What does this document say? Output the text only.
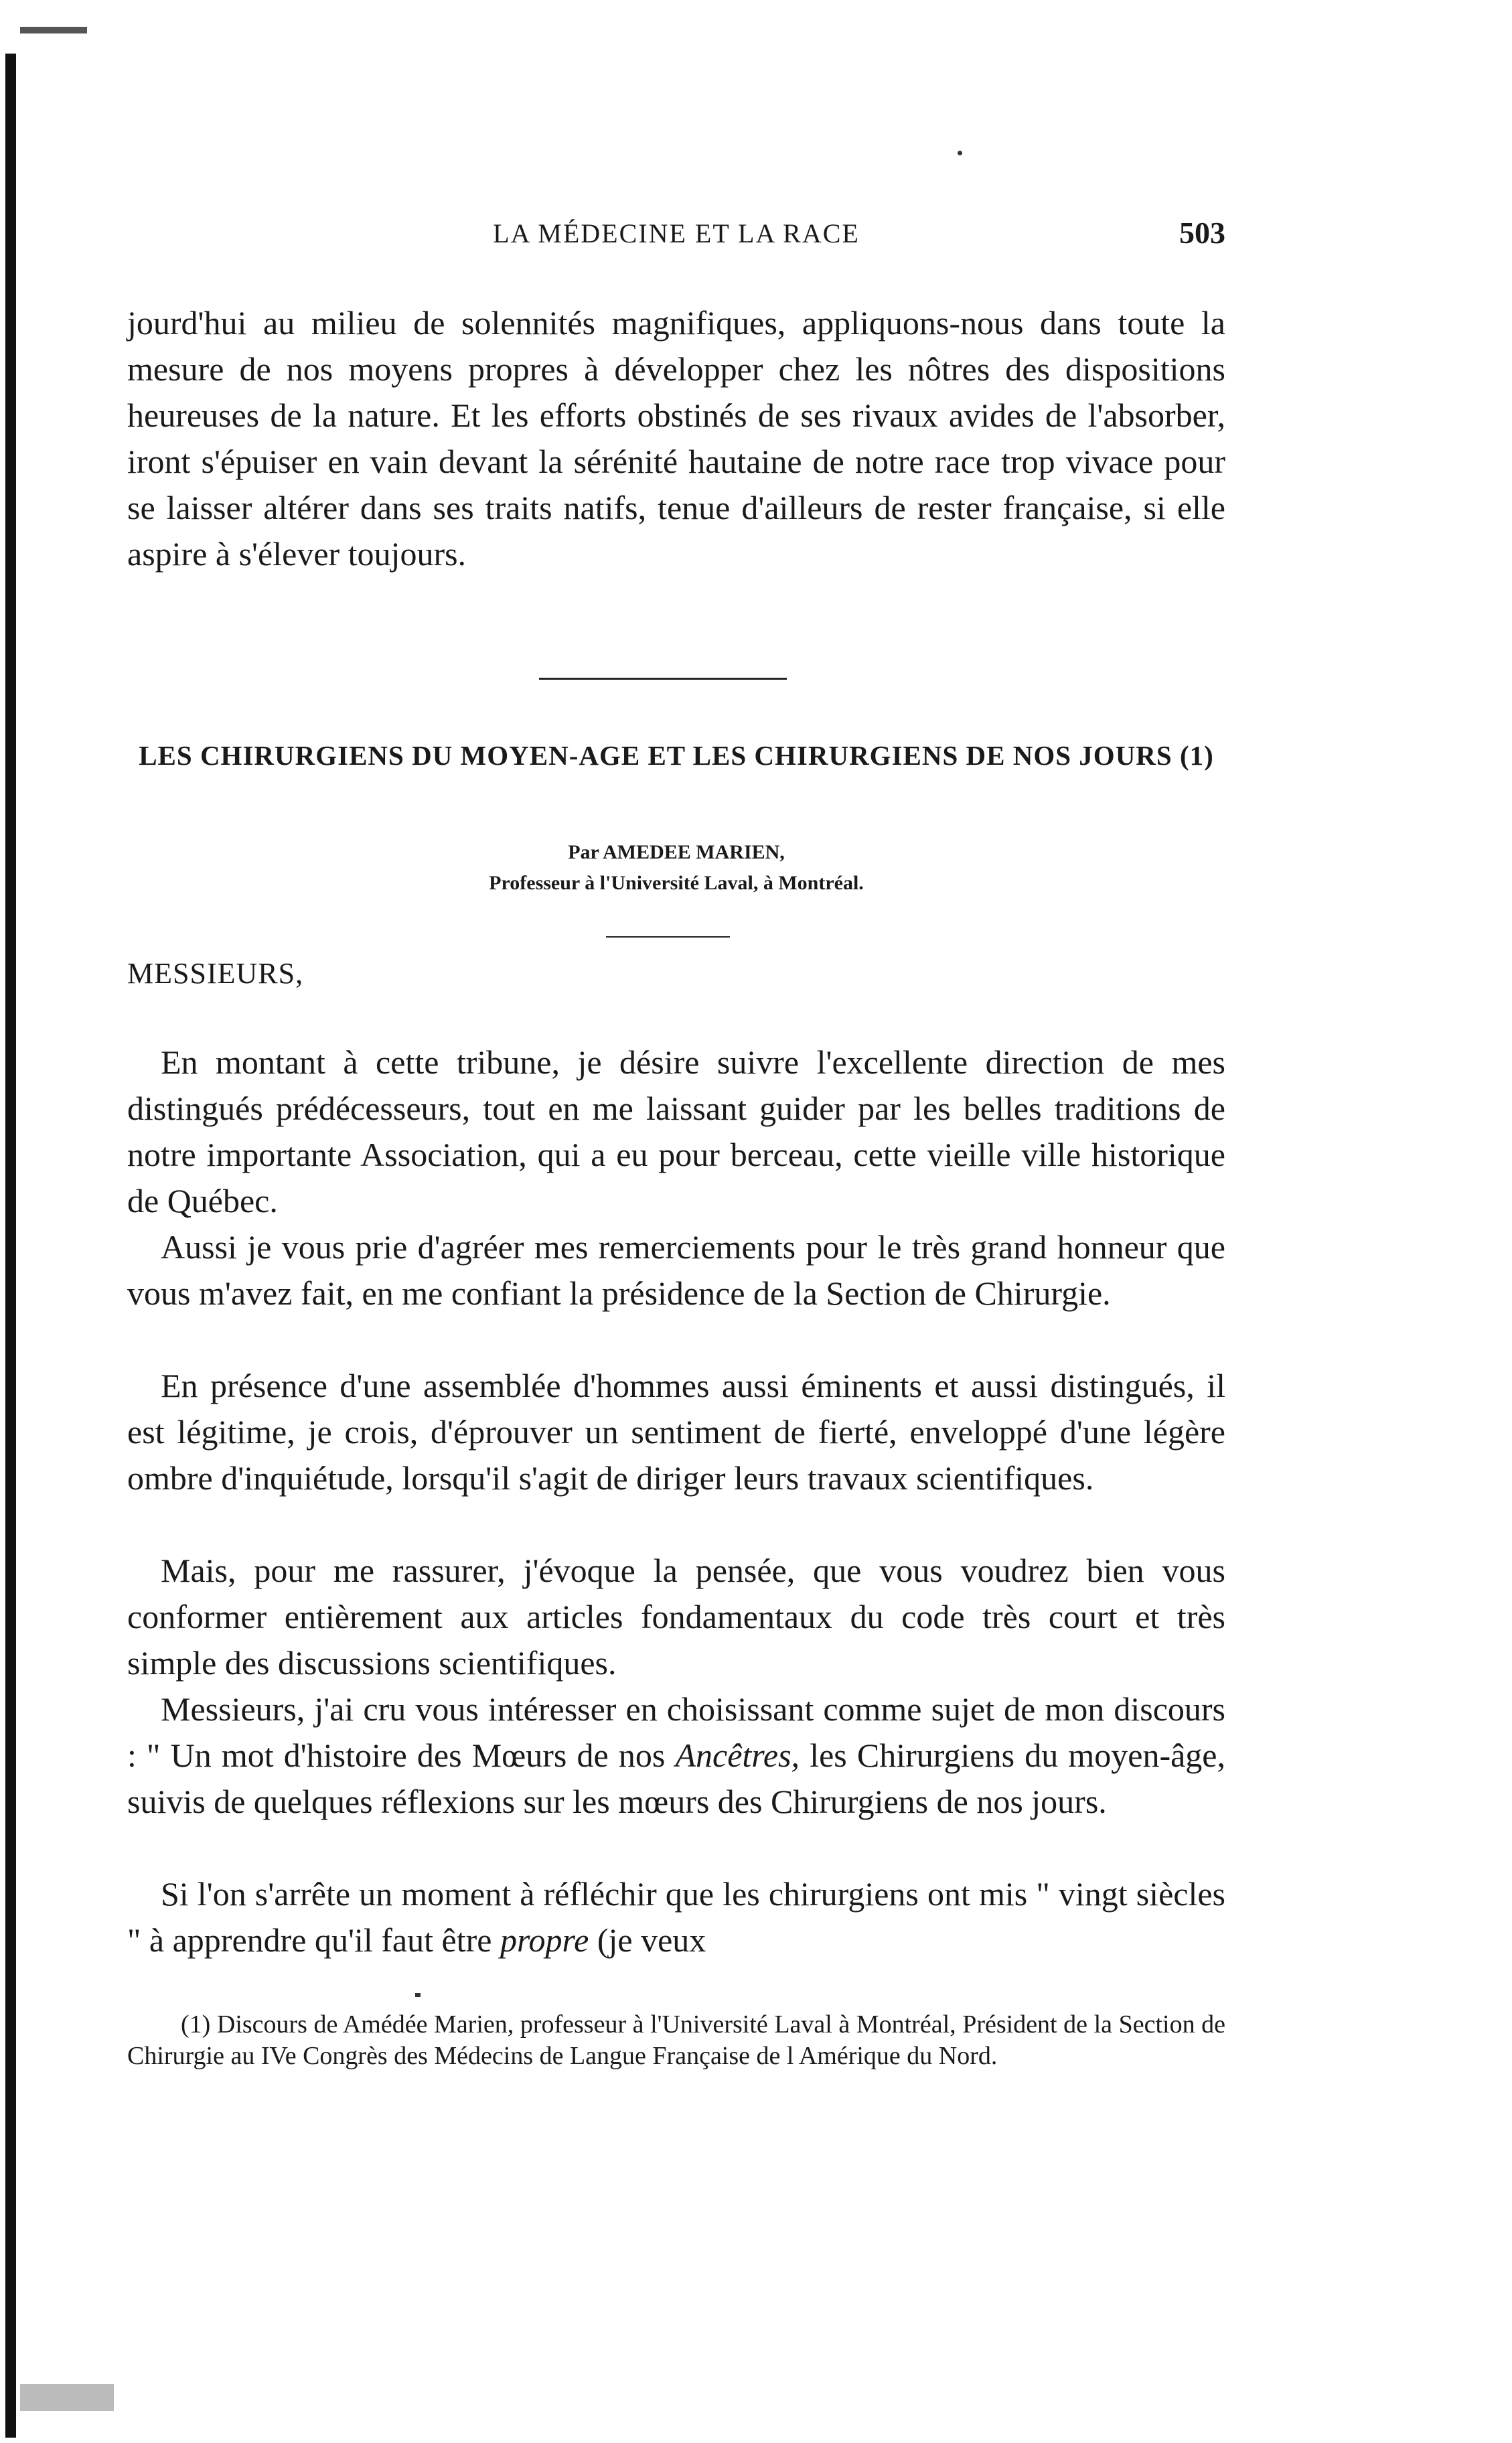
LA MÉDECINE ET LA RACE	503

jourd'hui au milieu de solennités magnifiques, appliquons-nous dans toute la mesure de nos moyens propres à développer chez les nôtres des dispositions heureuses de la nature. Et les efforts obstinés de ses rivaux avides de l'absorber, iront s'épuiser en vain devant la sérénité hautaine de notre race trop vivace pour se laisser altérer dans ses traits natifs, tenue d'ailleurs de rester française, si elle aspire à s'élever toujours.

LES CHIRURGIENS DU MOYEN-AGE ET LES CHIRURGIENS DE NOS JOURS (1)
Par AMEDEE MARIEN,
Professeur à l'Université Laval, à Montréal.
MESSIEURS,

En montant à cette tribune, je désire suivre l'excellente direction de mes distingués prédécesseurs, tout en me laissant guider par les belles traditions de notre importante Association, qui a eu pour berceau, cette vieille ville historique de Québec.

Aussi je vous prie d'agréer mes remerciements pour le très grand honneur que vous m'avez fait, en me confiant la présidence de la Section de Chirurgie.

En présence d'une assemblée d'hommes aussi éminents et aussi distingués, il est légitime, je crois, d'éprouver un sentiment de fierté, enveloppé d'une légère ombre d'inquiétude, lorsqu'il s'agit de diriger leurs travaux scientifiques.

Mais, pour me rassurer, j'évoque la pensée, que vous voudrez bien vous conformer entièrement aux articles fondamentaux du code très court et très simple des discussions scientifiques.

Messieurs, j'ai cru vous intéresser en choisissant comme sujet de mon discours : " Un mot d'histoire des Mœurs de nos Ancêtres, les Chirurgiens du moyen-âge, suivis de quelques réflexions sur les mœurs des Chirurgiens de nos jours.

Si l'on s'arrête un moment à réfléchir que les chirurgiens ont mis " vingt siècles " à apprendre qu'il faut être propre (je veux

(1) Discours de Amédée Marien, professeur à l'Université Laval à Montréal, Président de la Section de Chirurgie au IVe Congrès des Médecins de Langue Française de l Amérique du Nord.
